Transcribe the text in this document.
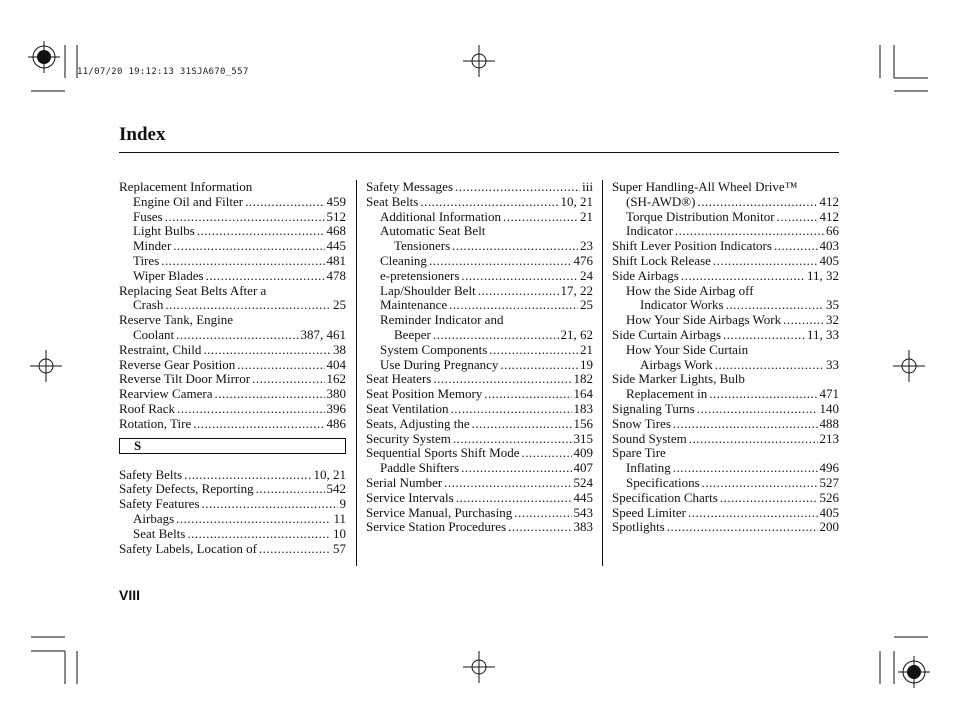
11/07/20 19:12:13 31SJA670_557
Index
Replacement Information
Engine Oil and Filter .....	459
Fuses .....	512
Light Bulbs .....	468
Minder .....	445
Tires .....	481
Wiper Blades .....	478
Replacing Seat Belts After a
Crash .....	25
Reserve Tank, Engine
Coolant .....	387, 461
Restraint, Child .....	38
Reverse Gear Position .....	404
Reverse Tilt Door Mirror .....	162
Rearview Camera .....	380
Roof Rack .....	396
Rotation, Tire .....	486
S
Safety Belts .....	10, 21
Safety Defects, Reporting .....	542
Safety Features .....	9
Airbags .....	11
Seat Belts .....	10
Safety Labels, Location of .....	57
Safety Messages .....	iii
Seat Belts .....	10, 21
Additional Information .....	21
Automatic Seat Belt
Tensioners .....	23
Cleaning .....	476
e-pretensioners .....	24
Lap/Shoulder Belt .....	17, 22
Maintenance .....	25
Reminder Indicator and
Beeper .....	21, 62
System Components .....	21
Use During Pregnancy .....	19
Seat Heaters .....	182
Seat Position Memory .....	164
Seat Ventilation .....	183
Seats, Adjusting the .....	156
Security System .....	315
Sequential Sports Shift Mode .....	409
Paddle Shifters .....	407
Serial Number .....	524
Service Intervals .....	445
Service Manual, Purchasing .....	543
Service Station Procedures .....	383
Super Handling-All Wheel Drive™
(SH-AWD®) .....	412
Torque Distribution Monitor .....	412
Indicator .....	66
Shift Lever Position Indicators .....	403
Shift Lock Release .....	405
Side Airbags .....	11, 32
How the Side Airbag off
Indicator Works .....	35
How Your Side Airbags Work .....	32
Side Curtain Airbags .....	11, 33
How Your Side Curtain
Airbags Work .....	33
Side Marker Lights, Bulb
Replacement in .....	471
Signaling Turns .....	140
Snow Tires .....	488
Sound System .....	213
Spare Tire
Inflating .....	496
Specifications .....	527
Specification Charts .....	526
Speed Limiter .....	405
Spotlights .....	200
VIII
